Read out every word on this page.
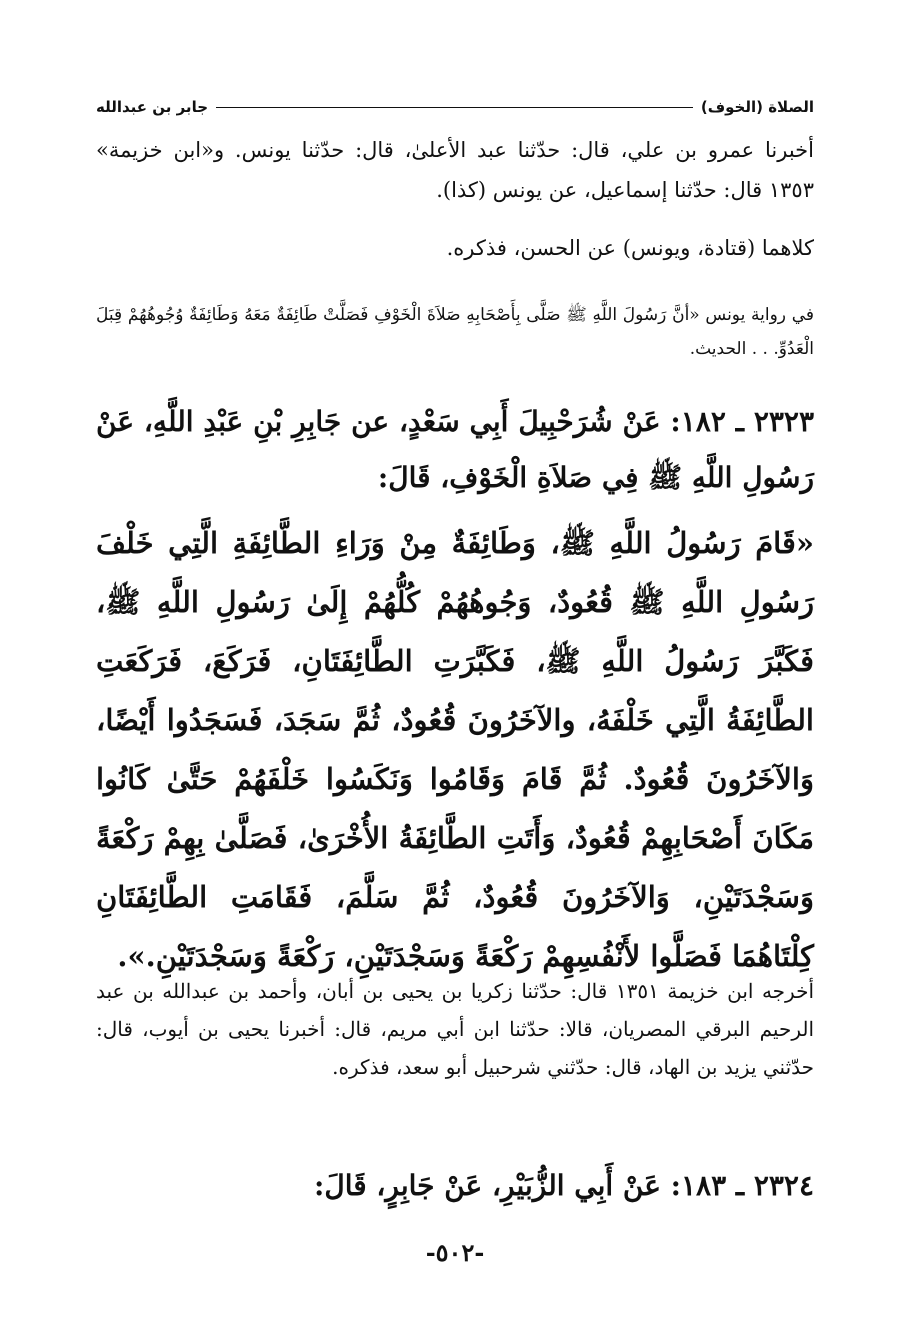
الصلاة (الخوف)
جابر بن عبدالله
أخبرنا عمرو بن علي، قال: حدّثنا عبد الأعلىٰ، قال: حدّثنا يونس. و«ابن خزيمة» ١٣٥٣ قال: حدّثنا إسماعيل، عن يونس (كذا).
كلاهما (قتادة، ويونس) عن الحسن، فذكره.
في رواية يونس «أنَّ رَسُولَ اللَّهِ ﷺ صَلَّى بِأَصْحَابِهِ صَلاَةَ الْخَوْفِ فَصَلَّتْ طَائِفَةٌ مَعَهُ وَطَائِفَةٌ وُجُوهُهُمْ قِبَلَ الْعَدُوِّ. . . الحديث.
٢٣٢٣ ـ ١٨٢: عَنْ شُرَحْبِيلَ أَبِي سَعْدٍ، عن جَابِرِ بْنِ عَبْدِ اللَّهِ، عَنْ رَسُولِ اللَّهِ ﷺ فِي صَلاَةِ الْخَوْفِ، قَالَ:
«قَامَ رَسُولُ اللَّهِ ﷺ، وَطَائِفَةٌ مِنْ وَرَاءِ الطَّائِفَةِ الَّتِي خَلْفَ رَسُولِ اللَّهِ ﷺ قُعُودٌ، وَجُوهُهُمْ كُلُّهُمْ إِلَىٰ رَسُولِ اللَّهِ ﷺ، فَكَبَّرَ رَسُولُ اللَّهِ ﷺ، فَكَبَّرَتِ الطَّائِفَتَانِ، فَرَكَعَ، فَرَكَعَتِ الطَّائِفَةُ الَّتِي خَلْفَهُ، والآخَرُونَ قُعُودٌ، ثُمَّ سَجَدَ، فَسَجَدُوا أَيْضًا، وَالآخَرُونَ قُعُودٌ. ثُمَّ قَامَ وَقَامُوا وَنَكَسُوا خَلْفَهُمْ حَتَّىٰ كَانُوا مَكَانَ أَصْحَابِهِمْ قُعُودٌ، وَأَتَتِ الطَّائِفَةُ الأُخْرَىٰ، فَصَلَّىٰ بِهِمْ رَكْعَةً وَسَجْدَتَيْنِ، وَالآخَرُونَ قُعُودٌ، ثُمَّ سَلَّمَ، فَقَامَتِ الطَّائِفَتَانِ كِلْتَاهُمَا فَصَلَّوا لأَنْفُسِهِمْ رَكْعَةً وَسَجْدَتَيْنِ، رَكْعَةً وَسَجْدَتَيْنِ.».
أخرجه ابن خزيمة ١٣٥١ قال: حدّثنا زكريا بن يحيى بن أبان، وأحمد بن عبدالله بن عبد الرحيم البرقي المصريان، قالا: حدّثنا ابن أبي مريم، قال: أخبرنا يحيى بن أيوب، قال: حدّثني يزيد بن الهاد، قال: حدّثني شرحبيل أبو سعد، فذكره.
٢٣٢٤ ـ ١٨٣: عَنْ أَبِي الزُّبَيْرِ، عَنْ جَابِرٍ، قَالَ:
-٥٠٢-
